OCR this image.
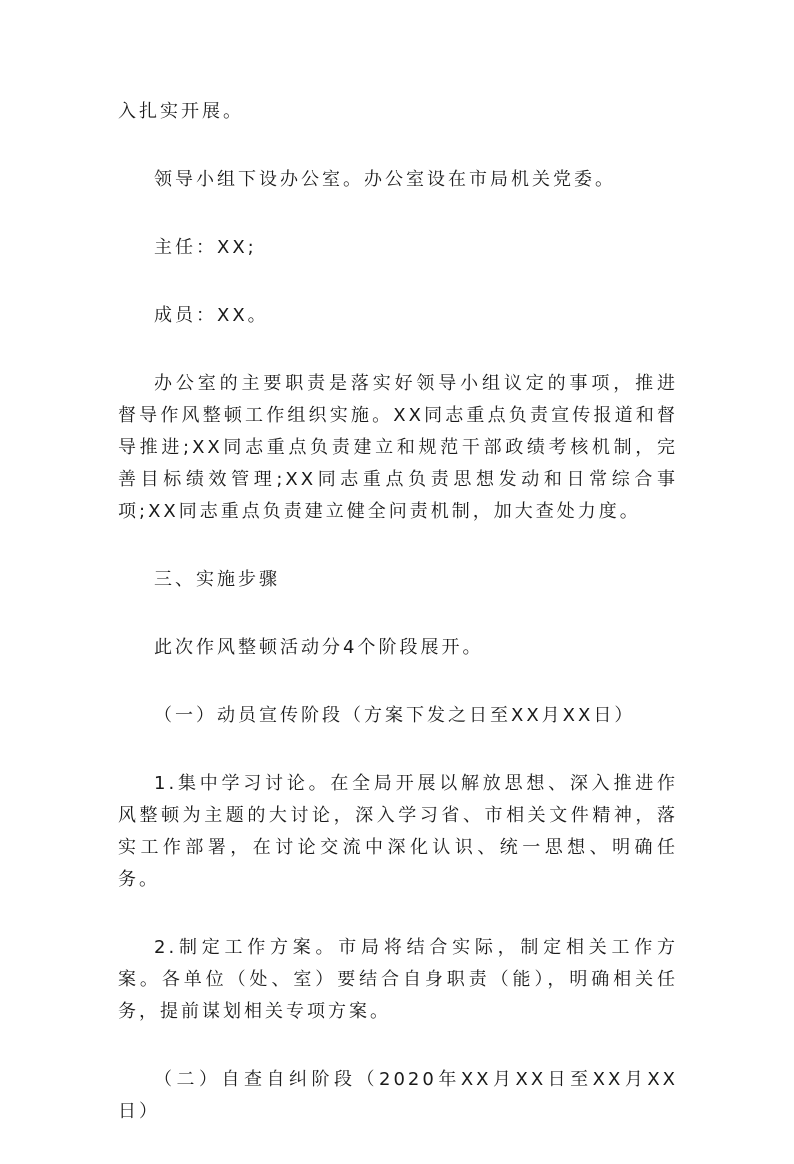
入扎实开展。

领导小组下设办公室。办公室设在市局机关党委。

主任：XX;

成员：XX。

办公室的主要职责是落实好领导小组议定的事项，推进督导作风整顿工作组织实施。XX同志重点负责宣传报道和督导推进;XX同志重点负责建立和规范干部政绩考核机制，完善目标绩效管理;XX同志重点负责思想发动和日常综合事项;XX同志重点负责建立健全问责机制，加大查处力度。

三、实施步骤

此次作风整顿活动分4个阶段展开。

（一）动员宣传阶段（方案下发之日至XX月XX日）

1.集中学习讨论。在全局开展以解放思想、深入推进作风整顿为主题的大讨论，深入学习省、市相关文件精神，落实工作部署，在讨论交流中深化认识、统一思想、明确任务。

2.制定工作方案。市局将结合实际，制定相关工作方案。各单位（处、室）要结合自身职责（能），明确相关任务，提前谋划相关专项方案。

（二）自查自纠阶段（2020年XX月XX日至XX月XX日）
